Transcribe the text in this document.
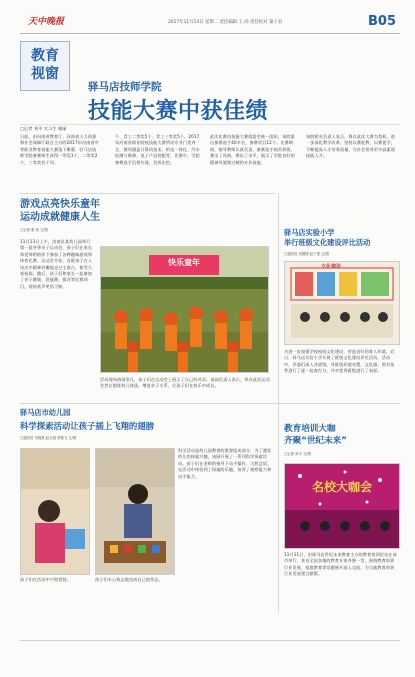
天中晚报	2017年11月14日 星期二 责任编辑 王 尚 责任校对 秦子君	B05
教育
视窗
驿马店技师学院
技能大赛中获佳绩
□记者 刘平 实习生 谢丽
日前，由河南省教育厅、河南省人力资源和社会保障厅联合主办的2017年河南省中等职业教育技能大赛落下帷幕，驻马店技师学院参赛师生获得一等奖3个，二等奖2个，三等奖若干项。
个、青工二等奖5个、青工三等奖5个。2017年河南省职业院校技能大赛所设专业门类齐全，赛项涵盖计算机技术、机电一体化、汽车检测与维修、电子产品装配等，比赛中，学院参赛选手沉着应战，发挥出色。
此次比赛由技能大赛组委会统一组织，该院派出参赛选手40多名，参赛项目12个。比赛期间，指导教师认真负责，参赛选手刻苦训练，赛出了风格，赛出了水平，展示了学院良好的精神风貌和过硬的专业技能。
该院相关负责人表示，将以此次大赛为契机，进一步深化教学改革，坚持以赛促教、以赛促学，不断提高人才培养质量，为社会培养更多高素质技能人才。
游戏点亮快乐童年
运动成就健康人生
□记者 张 宛 文/图
11月13日上午，汝南县某幼儿园举行第一届冬季亲子运动会，孩子们在家长和老师的陪伴下参加了各种趣味游戏和体育比赛。运动会开始，各班孩子在入场式中精神抖擞地走过主席台，接受大家检阅。随后，孩子们和家长一起参加了亲子跳绳、袋鼠跳、拔河等比赛项目，现场欢声笑语不断。
快乐童年
活动现场热闹非凡，孩子们在运动会上展示了自己的风采。该园负责人表示，举办此次运动会旨在锻炼幼儿体质，增进亲子关系，让孩子们在快乐中成长。
驿马店实验小学
举行班级文化建设评比活动
□通讯员 吴德刚 赵子建 文/图
文化建设
为进一步加强学校校园文化建设，营造良好的育人环境，近日，驿马店实验小学开展了班级文化建设评比活动。活动中，评委们深入各班级，对班级环境布置、文化墙、图书角等进行了逐一检查打分，并对优秀班级进行了表彰。
驿马店市幼儿园
科学探索活动让孩子插上飞翔的翅膀
□通讯员 朱晓燕 赵玉娟 李德飞 文/图
孩子们在活动中兴致勃勃。	孩子们专心致志地完成自己的作品。
科学活动是幼儿园教育的重要组成部分，为了激发幼儿的探索兴趣，该园开展了一系列科学探索活动。孩子们在老师的指导下动手操作、大胆尝试，在活动中体验到了探索的乐趣，培养了观察能力和动手能力。
教育培训大咖
齐聚“世纪未来”
□记者 刘平 文/图
名校大咖会
11月11日，由驿马店世纪未来教育主办的教育培训论坛在该市举行，来自全国各地的教育专家齐聚一堂，围绕教育培训行业发展、家庭教育等话题展开深入交流，为当地教育培训行业发展建言献策。
